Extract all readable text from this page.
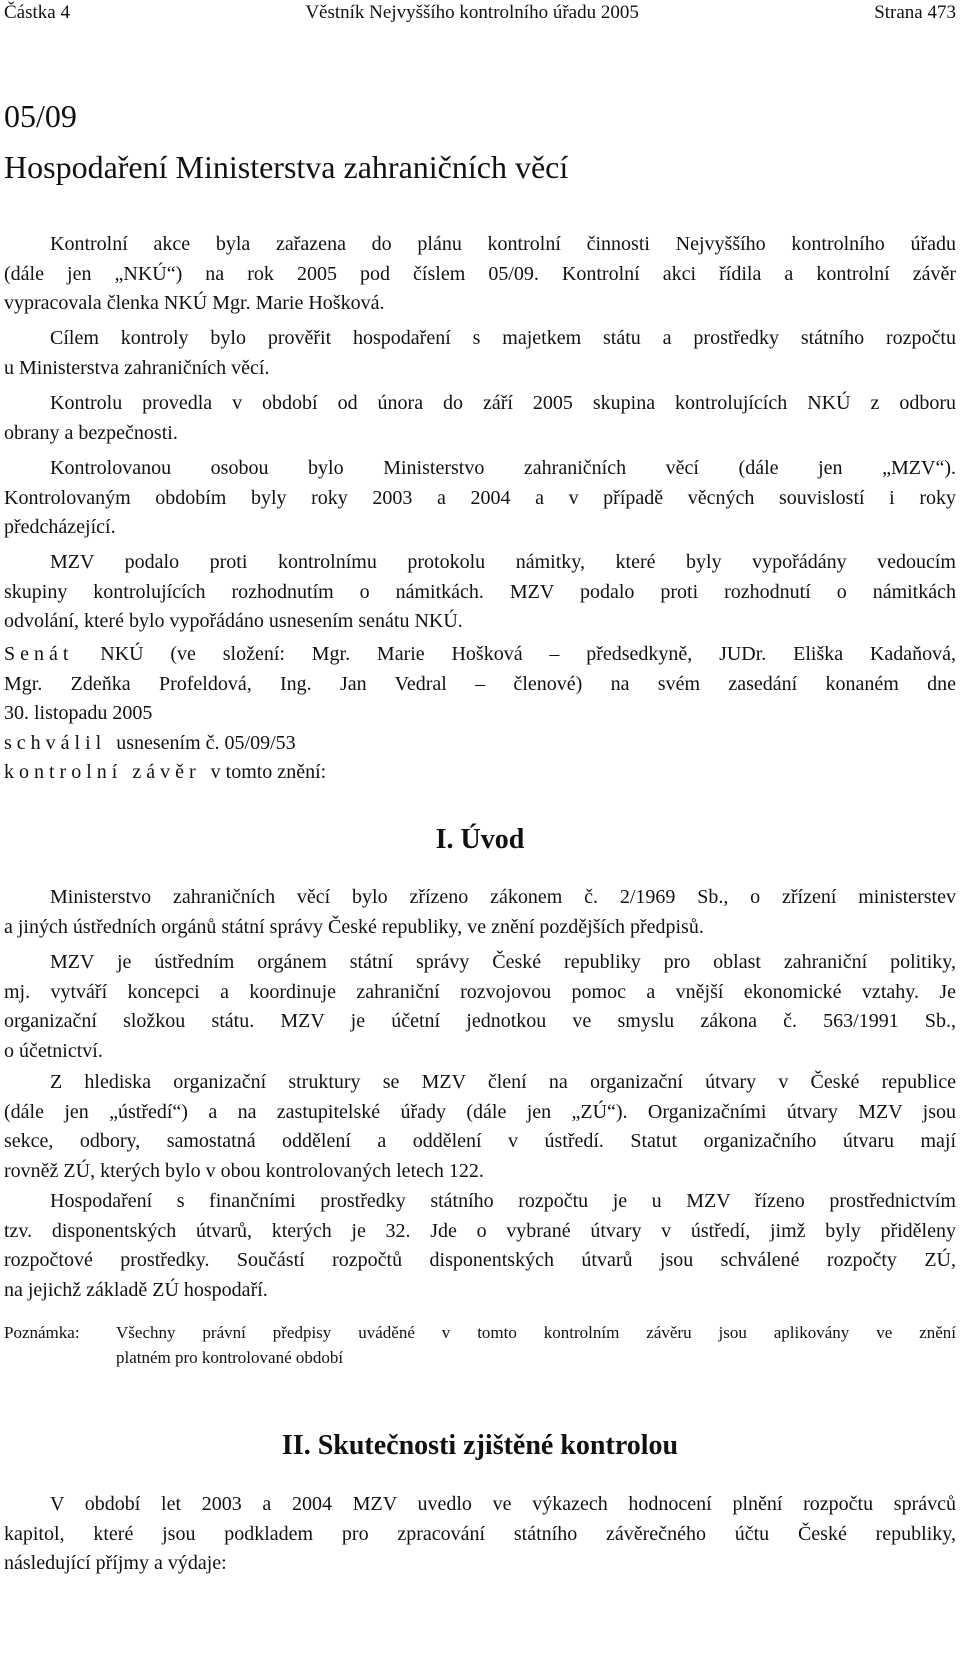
Částka 4	Věstník Nejvyššího kontrolního úřadu 2005	Strana 473
05/09
Hospodaření Ministerstva zahraničních věcí
Kontrolní akce byla zařazena do plánu kontrolní činnosti Nejvyššího kontrolního úřadu
(dále jen „NKÚ“) na rok 2005 pod číslem 05/09. Kontrolní akci řídila a kontrolní závěr
vypracovala členka NKÚ Mgr. Marie Hošková.
Cílem kontroly bylo prověřit hospodaření s majetkem státu a prostředky státního rozpočtu
u Ministerstva zahraničních věcí.
Kontrolu provedla v období od února do září 2005 skupina kontrolujících NKÚ z odboru
obrany a bezpečnosti.
Kontrolovanou osobou bylo Ministerstvo zahraničních věcí (dále jen „MZV“).
Kontrolovaným obdobím byly roky 2003 a 2004 a v případě věcných souvislostí i roky
předcházející.
MZV podalo proti kontrolnímu protokolu námitky, které byly vypořádány vedoucím
skupiny kontrolujících rozhodnutím o námitkách. MZV podalo proti rozhodnutí o námitkách
odvolání, které bylo vypořádáno usnesením senátu NKÚ.
Senát NKÚ (ve složení: Mgr. Marie Hošková – předsedkyně, JUDr. Eliška Kadaňová,
Mgr. Zdeňka Profeldová, Ing. Jan Vedral – členové) na svém zasedání konaném dne
30. listopadu 2005
schválil usnesením č. 05/09/53
kontrolní závěr v tomto znění:
I. Úvod
Ministerstvo zahraničních věcí bylo zřízeno zákonem č. 2/1969 Sb., o zřízení ministerstev
a jiných ústředních orgánů státní správy České republiky, ve znění pozdějších předpisů.
MZV je ústředním orgánem státní správy České republiky pro oblast zahraniční politiky,
mj. vytváří koncepci a koordinuje zahraniční rozvojovou pomoc a vnější ekonomické vztahy. Je
organizační složkou státu. MZV je účetní jednotkou ve smyslu zákona č. 563/1991 Sb.,
o účetnictví.
Z hlediska organizační struktury se MZV člení na organizační útvary v České republice
(dále jen „ústředí“) a na zastupitelské úřady (dále jen „ZÚ“). Organizačními útvary MZV jsou
sekce, odbory, samostatná oddělení a oddělení v ústředí. Statut organizačního útvaru mají
rovněž ZÚ, kterých bylo v obou kontrolovaných letech 122.
Hospodaření s finančními prostředky státního rozpočtu je u MZV řízeno prostřednictvím
tzv. disponentských útvarů, kterých je 32. Jde o vybrané útvary v ústředí, jimž byly přiděleny
rozpočtové prostředky. Součástí rozpočtů disponentských útvarů jsou schválené rozpočty ZÚ,
na jejichž základě ZÚ hospodaří.
Poznámka:	Všechny právní předpisy uváděné v tomto kontrolním závěru jsou aplikovány ve znění
platném pro kontrolované období
II. Skutečnosti zjištěné kontrolou
V období let 2003 a 2004 MZV uvedlo ve výkazech hodnocení plnění rozpočtu správců
kapitol, které jsou podkladem pro zpracování státního závěrečného účtu České republiky,
následující příjmy a výdaje:
